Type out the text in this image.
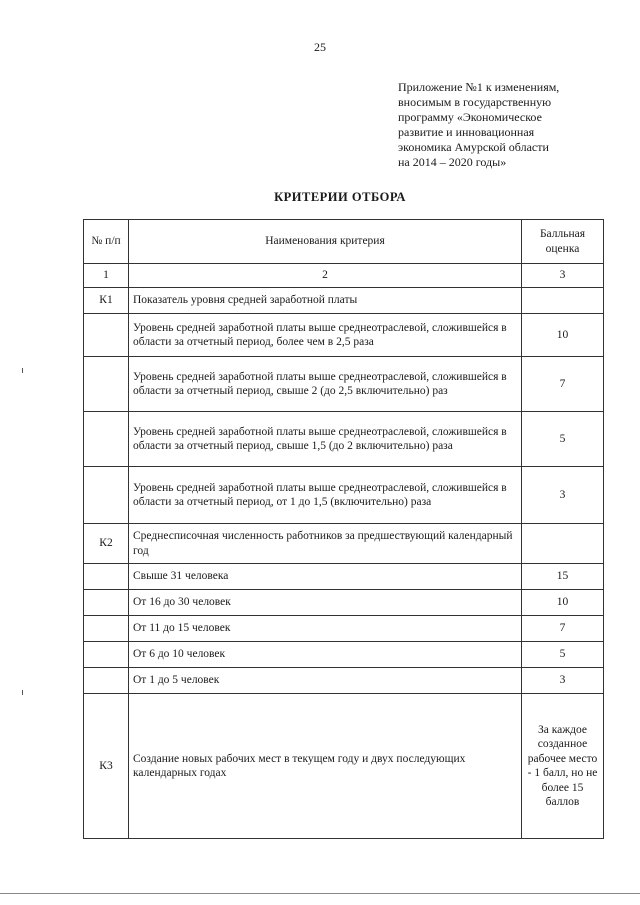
25
Приложение №1 к изменениям,
вносимым в государственную
программу «Экономическое
развитие и инновационная
экономика Амурской области
на 2014 – 2020 годы»
КРИТЕРИИ ОТБОРА
№ п/п	Наименования критерия	Балльная оценка
1	2	3
К1	Показатель уровня средней заработной платы	
	Уровень средней заработной платы выше среднеотраслевой, сложившейся в области за отчетный период, более чем в 2,5 раза	10
	Уровень средней заработной платы выше среднеотраслевой, сложившейся в области за отчетный период, свыше 2 (до 2,5 включительно) раз	7
	Уровень средней заработной платы выше среднеотраслевой, сложившейся в области за отчетный период, свыше 1,5 (до 2 включительно) раза	5
	Уровень средней заработной платы выше среднеотраслевой, сложившейся в области за отчетный период, от 1 до 1,5 (включительно) раза	3
К2	Среднесписочная численность работников за предшествующий календарный год	
	Свыше 31 человека	15
	От 16 до 30 человек	10
	От 11 до 15 человек	7
	От 6 до 10 человек	5
	От 1 до 5 человек	3
К3	Создание новых рабочих мест в текущем году и двух последующих календарных годах	За каждое созданное рабочее место - 1 балл, но не более 15 баллов
